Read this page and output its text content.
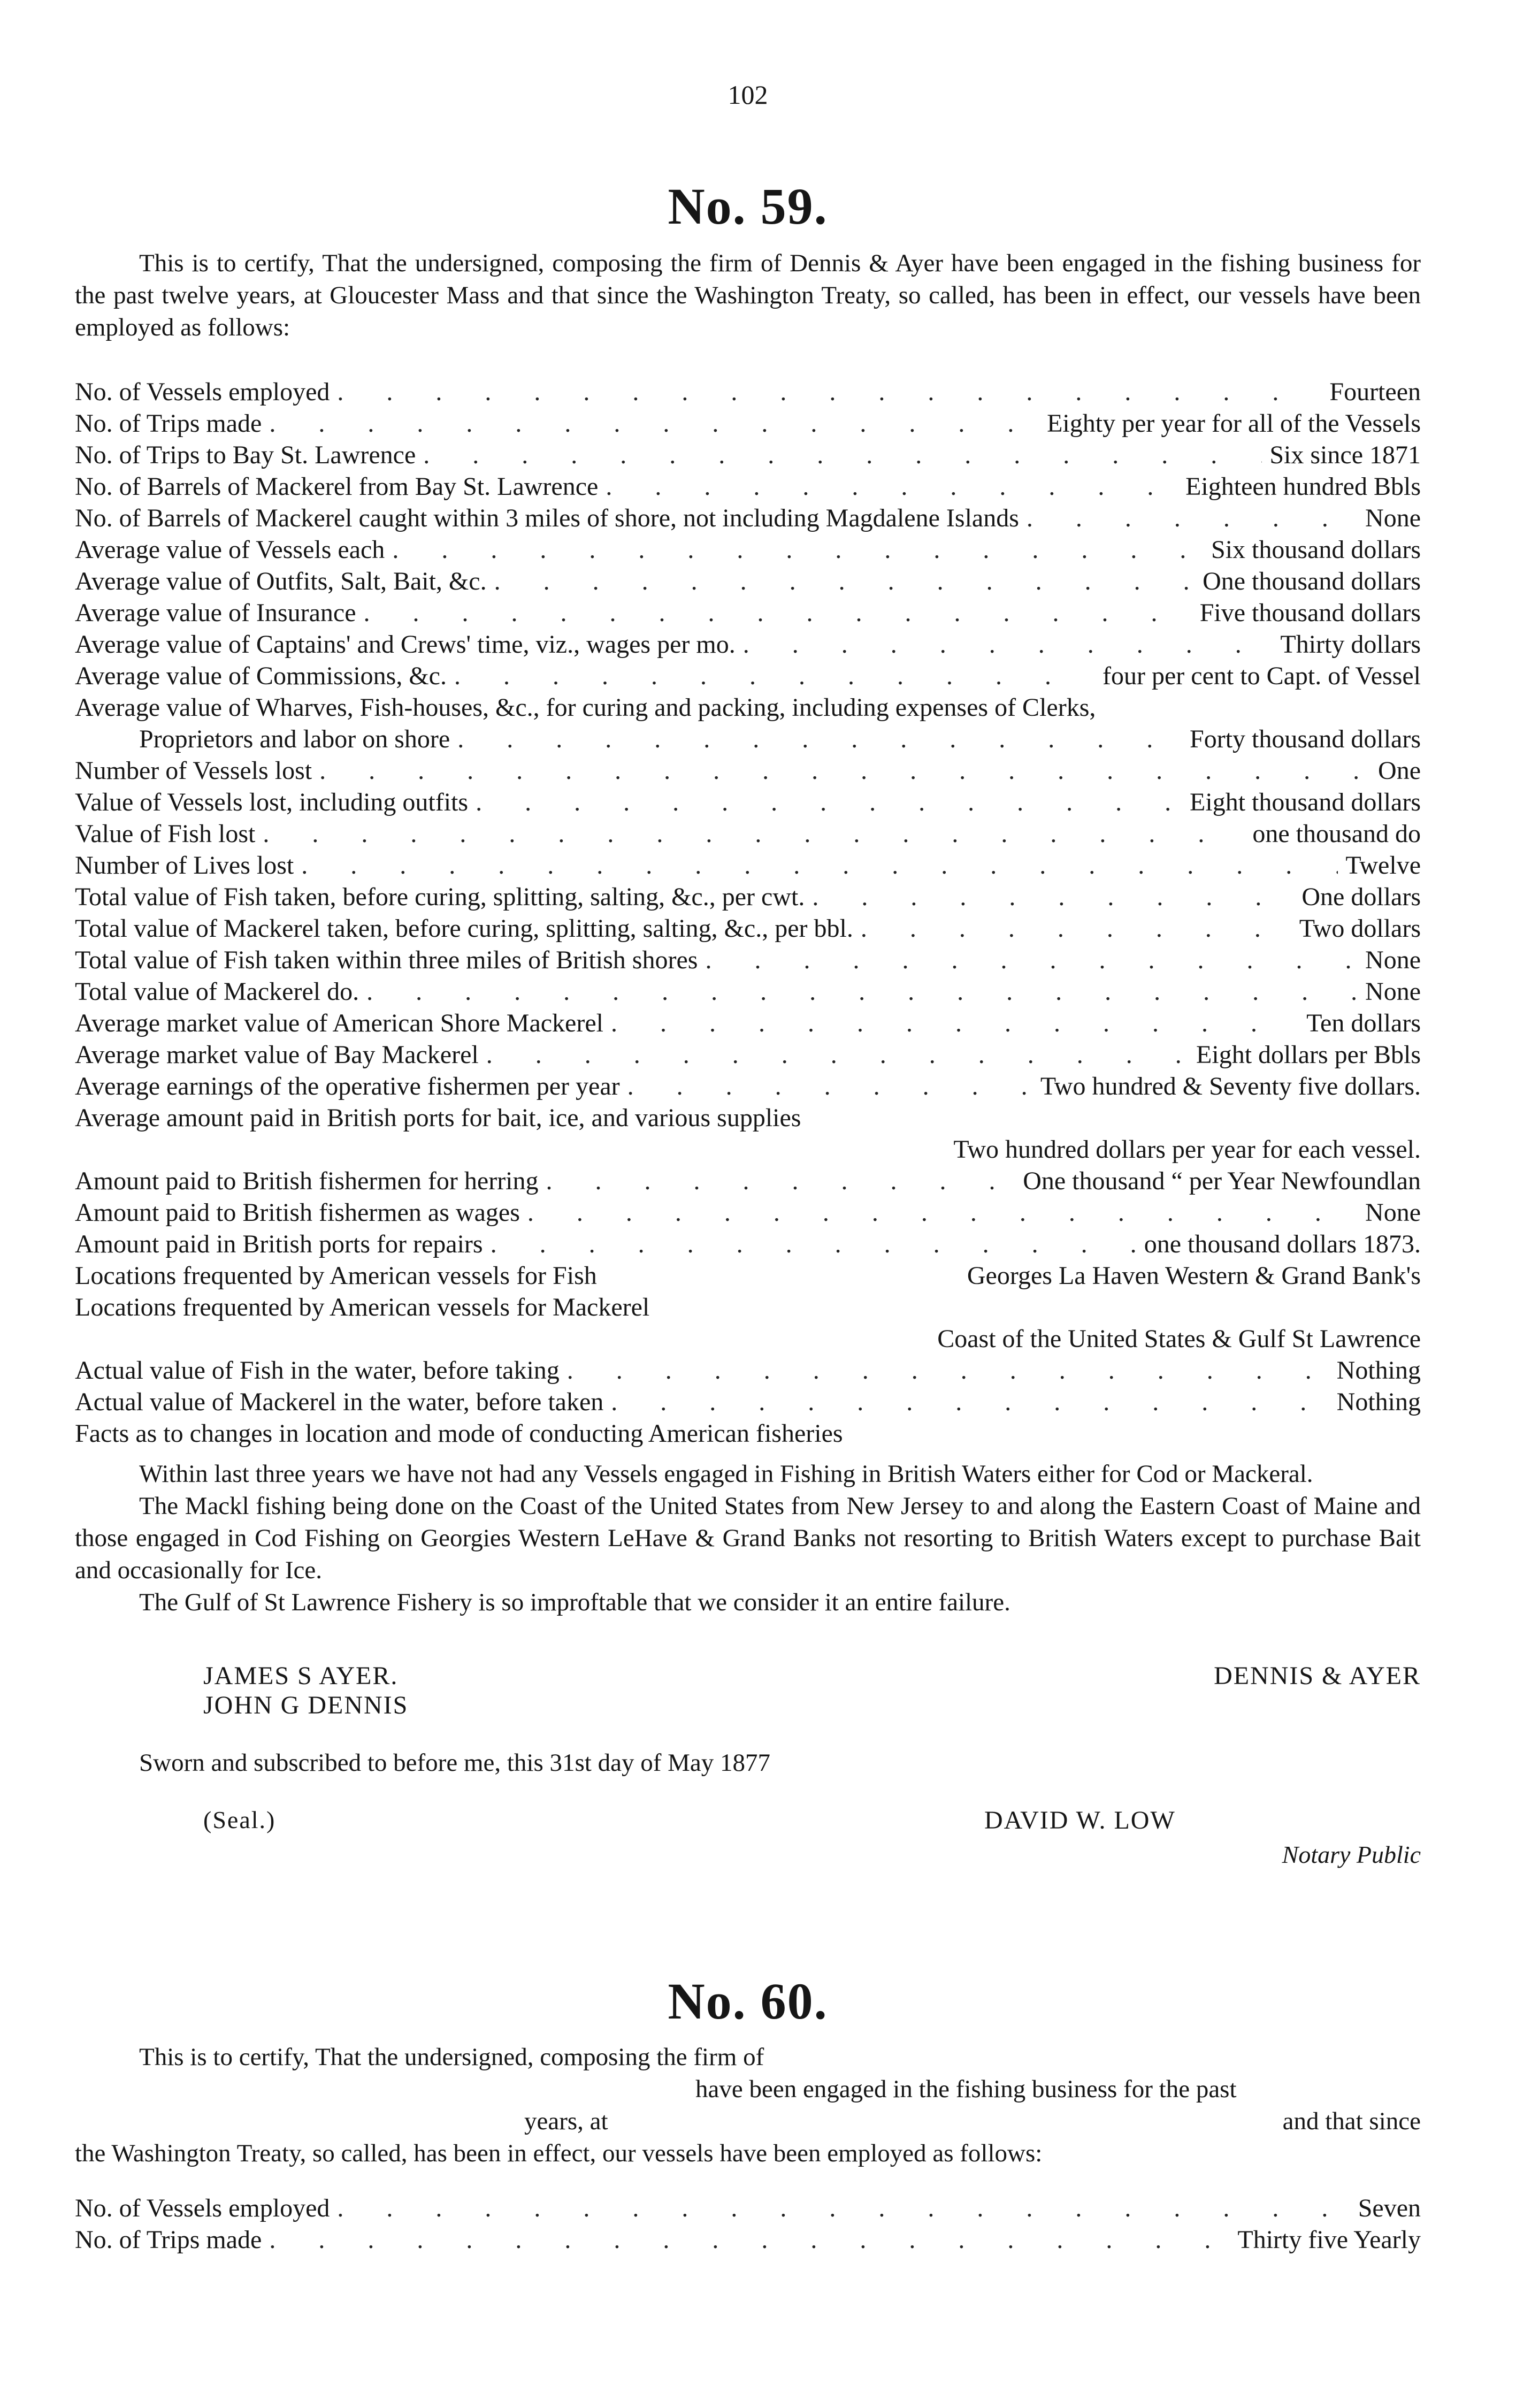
102
No. 59.

This is to certify, That the undersigned, composing the firm of Dennis & Ayer have been engaged in the fishing business for the past twelve years, at Gloucester Mass and that since the Washington Treaty, so called, has been in effect, our vessels have been employed as follows:

No. of Vessels employed . . .	Fourteen
No. of Trips made . . .	Eighty per year for all of the Vessels
No. of Trips to Bay St. Lawrence . . .	Six since 1871
No. of Barrels of Mackerel from Bay St. Lawrence . . .	Eighteen hundred Bbls
No. of Barrels of Mackerel caught within 3 miles of shore, not including Magdalene Islands . . .	None
Average value of Vessels each . . .	Six thousand dollars
Average value of Outfits, Salt, Bait, &c. . . .	One thousand dollars
Average value of Insurance . . .	Five thousand dollars
Average value of Captains' and Crews' time, viz., wages per mo. . . .	Thirty dollars
Average value of Commissions, &c. . . .	four per cent to Capt. of Vessel
Average value of Wharves, Fish-houses, &c., for curing and packing, including expenses of Clerks,
Proprietors and labor on shore . . .	Forty thousand dollars
Number of Vessels lost . . .	One
Value of Vessels lost, including outfits . . .	Eight thousand dollars
Value of Fish lost . . .	one thousand do
Number of Lives lost . . .	Twelve
Total value of Fish taken, before curing, splitting, salting, &c., per cwt. . . .	One dollars
Total value of Mackerel taken, before curing, splitting, salting, &c., per bbl. . . .	Two dollars
Total value of Fish taken within three miles of British shores . . .	None
Total value of Mackerel do. . . .	None
Average market value of American Shore Mackerel . . .	Ten dollars
Average market value of Bay Mackerel . . .	Eight dollars per Bbls
Average earnings of the operative fishermen per year . . .	Two hundred & Seventy five dollars.
Average amount paid in British ports for bait, ice, and various supplies
Two hundred dollars per year for each vessel.
Amount paid to British fishermen for herring . . .	One thousand “ per Year Newfoundlan
Amount paid to British fishermen as wages . . .	None
Amount paid in British ports for repairs . . .	one thousand dollars 1873.
Locations frequented by American vessels for Fish	Georges La Haven Western & Grand Bank's
Locations frequented by American vessels for Mackerel
Coast of the United States & Gulf St Lawrence
Actual value of Fish in the water, before taking . . .	Nothing
Actual value of Mackerel in the water, before taken . . .	Nothing
Facts as to changes in location and mode of conducting American fisheries

Within last three years we have not had any Vessels engaged in Fishing in British Waters either for Cod or Mackeral.

The Mackl fishing being done on the Coast of the United States from New Jersey to and along the Eastern Coast of Maine and those engaged in Cod Fishing on Georgies Western LeHave & Grand Banks not resorting to British Waters except to purchase Bait and occasionally for Ice.

The Gulf of St Lawrence Fishery is so improftable that we consider it an entire failure.

JAMES S AYER.
JOHN G DENNIS
DENNIS & AYER

Sworn and subscribed to before me, this 31st day of May 1877

(Seal.)	DAVID W. LOW
Notary Public
No. 60.
This is to certify, That the undersigned, composing the firm of
have been engaged in the fishing business for the past
years, at	and that since
the Washington Treaty, so called, has been in effect, our vessels have been employed as follows:
No. of Vessels employed . . .	Seven
No. of Trips made . . .	Thirty five Yearly
